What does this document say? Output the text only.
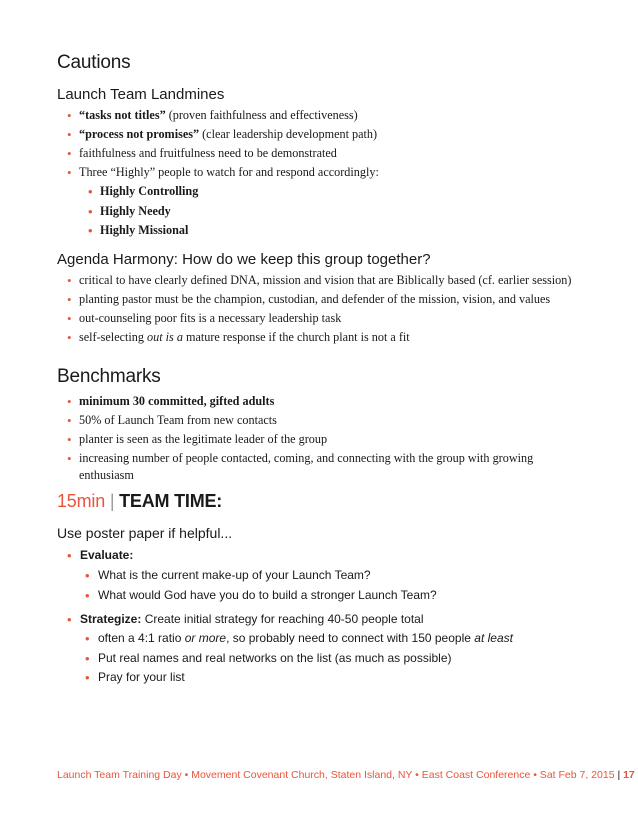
Cautions
Launch Team Landmines
• “tasks not titles” (proven faithfulness and effectiveness)
• “process not promises” (clear leadership development path)
• faithfulness and fruitfulness need to be demonstrated
• Three “Highly” people to watch for and respond accordingly:
• Highly Controlling
• Highly Needy
• Highly Missional
Agenda Harmony: How do we keep this group together?
• critical to have clearly defined DNA, mission and vision that are Biblically based (cf. earlier session)
• planting pastor must be the champion, custodian, and defender of the mission, vision, and values
• out-counseling poor fits is a necessary leadership task
• self-selecting out is a mature response if the church plant is not a fit
Benchmarks
• minimum 30 committed, gifted adults
• 50% of Launch Team from new contacts
• planter is seen as the legitimate leader of the group
• increasing number of people contacted, coming, and connecting with the group with growing enthusiasm
15min | TEAM TIME:
Use poster paper if helpful...
• Evaluate:
• What is the current make-up of your Launch Team?
• What would God have you do to build a stronger Launch Team?
• Strategize: Create initial strategy for reaching 40-50 people total
• often a 4:1 ratio or more, so probably need to connect with 150 people at least
• Put real names and real networks on the list (as much as possible)
• Pray for your list
Launch Team Training Day • Movement Covenant Church, Staten Island, NY • East Coast Conference • Sat Feb 7, 2015 | 17
